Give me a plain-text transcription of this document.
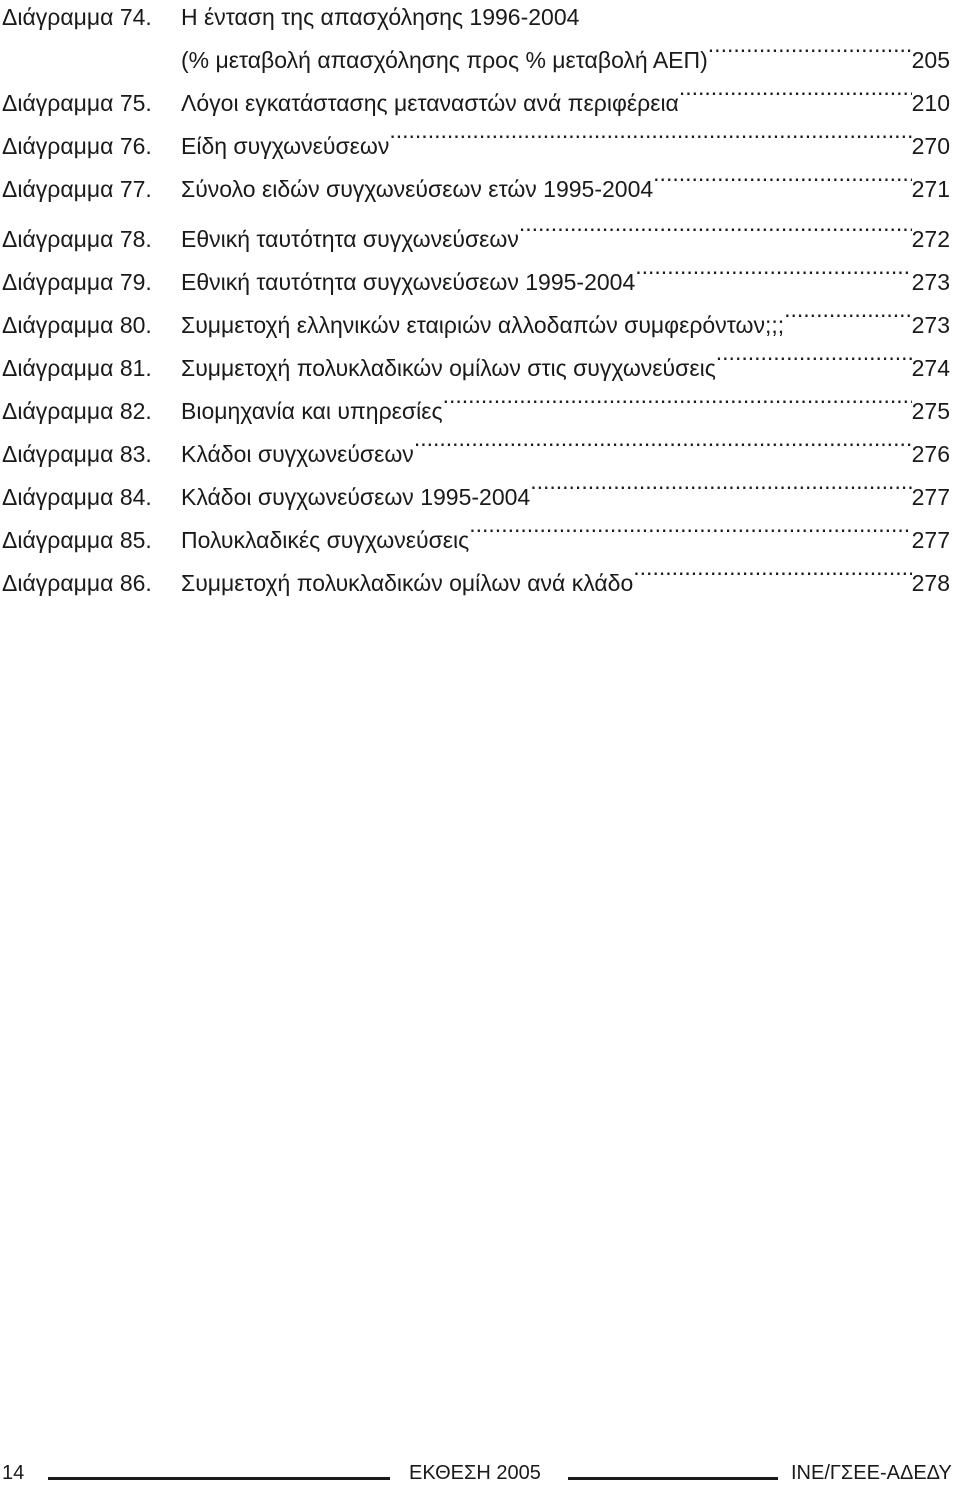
Διάγραμμα 74.	Η ένταση της απασχόλησης 1996-2004
(% μεταβολή απασχόλησης προς % μεταβολή ΑΕΠ) .....	205
Διάγραμμα 75.	Λόγοι εγκατάστασης μεταναστών ανά περιφέρεια .....	210
Διάγραμμα 76.	Είδη συγχωνεύσεων .....	270
Διάγραμμα 77.	Σύνολο ειδών συγχωνεύσεων ετών 1995-2004 .....	271
Διάγραμμα 78.	Εθνική ταυτότητα συγχωνεύσεων .....	272
Διάγραμμα 79.	Εθνική ταυτότητα συγχωνεύσεων 1995-2004 .....	273
Διάγραμμα 80.	Συμμετοχή ελληνικών εταιριών αλλοδαπών συμφερόντων;;; .....	273
Διάγραμμα 81.	Συμμετοχή πολυκλαδικών ομίλων στις συγχωνεύσεις .....	274
Διάγραμμα 82.	Βιομηχανία και υπηρεσίες .....	275
Διάγραμμα 83.	Κλάδοι συγχωνεύσεων .....	276
Διάγραμμα 84.	Κλάδοι συγχωνεύσεων 1995-2004 .....	277
Διάγραμμα 85.	Πολυκλαδικές συγχωνεύσεις .....	277
Διάγραμμα 86.	Συμμετοχή πολυκλαδικών ομίλων ανά κλάδο .....	278
14	ΕΚΘΕΣΗ 2005	ΙΝΕ/ΓΣΕΕ-ΑΔΕΔΥ
